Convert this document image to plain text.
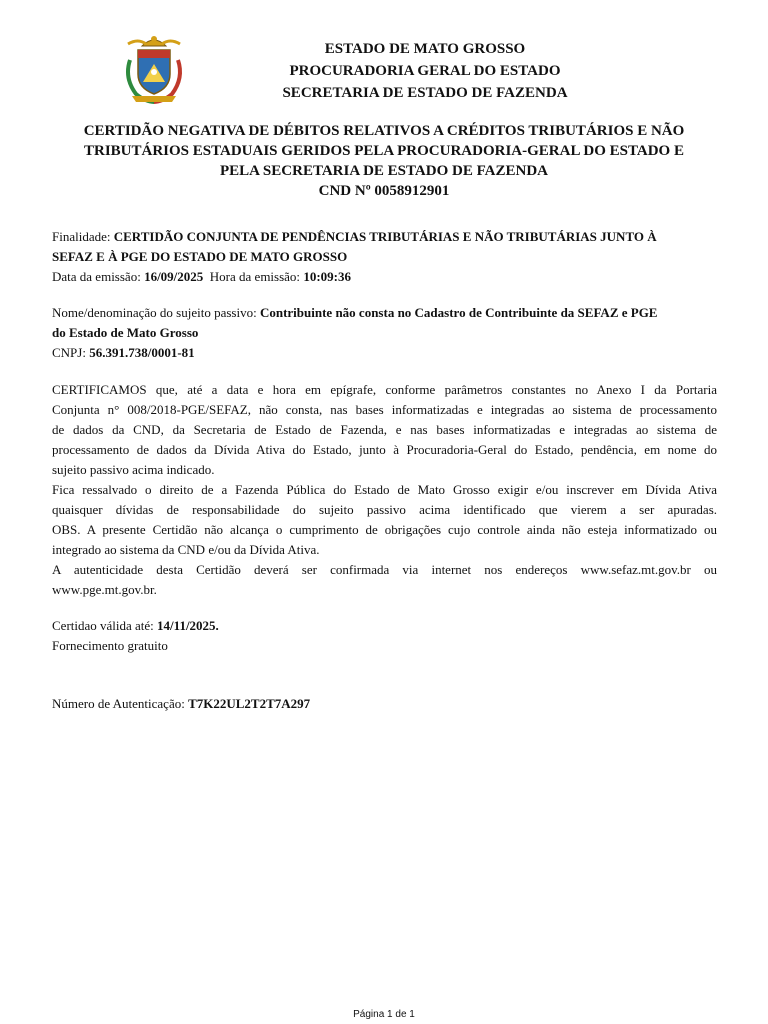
ESTADO DE MATO GROSSO
PROCURADORIA GERAL DO ESTADO
SECRETARIA DE ESTADO DE FAZENDA
CERTIDÃO NEGATIVA DE DÉBITOS RELATIVOS A CRÉDITOS TRIBUTÁRIOS E NÃO
TRIBUTÁRIOS ESTADUAIS GERIDOS PELA PROCURADORIA-GERAL DO ESTADO E
PELA SECRETARIA DE ESTADO DE FAZENDA
CND Nº 0058912901
Finalidade: CERTIDÃO CONJUNTA DE PENDÊNCIAS TRIBUTÁRIAS E NÃO TRIBUTÁRIAS JUNTO À
SEFAZ E À PGE DO ESTADO DE MATO GROSSO
Data da emissão: 16/09/2025 Hora da emissão: 10:09:36
Nome/denominação do sujeito passivo: Contribuinte não consta no Cadastro de Contribuinte da SEFAZ e PGE
do Estado de Mato Grosso
CNPJ: 56.391.738/0001-81
CERTIFICAMOS que, até a data e hora em epígrafe, conforme parâmetros constantes no Anexo I da Portaria
Conjunta n° 008/2018-PGE/SEFAZ, não consta, nas bases informatizadas e integradas ao sistema de processamento
de dados da CND, da Secretaria de Estado de Fazenda, e nas bases informatizadas e integradas ao sistema de
processamento de dados da Dívida Ativa do Estado, junto à Procuradoria-Geral do Estado, pendência, em nome do
sujeito passivo acima indicado.
Fica ressalvado o direito de a Fazenda Pública do Estado de Mato Grosso exigir e/ou inscrever em Dívida Ativa
quaisquer dívidas de responsabilidade do sujeito passivo acima identificado que vierem a ser apuradas.
OBS. A presente Certidão não alcança o cumprimento de obrigações cujo controle ainda não esteja informatizado ou
integrado ao sistema da CND e/ou da Dívida Ativa.
A autenticidade desta Certidão deverá ser confirmada via internet nos endereços www.sefaz.mt.gov.br ou
www.pge.mt.gov.br.
Certidao válida até: 14/11/2025.
Fornecimento gratuito
Número de Autenticação: T7K22UL2T2T7A297
Página 1 de 1
